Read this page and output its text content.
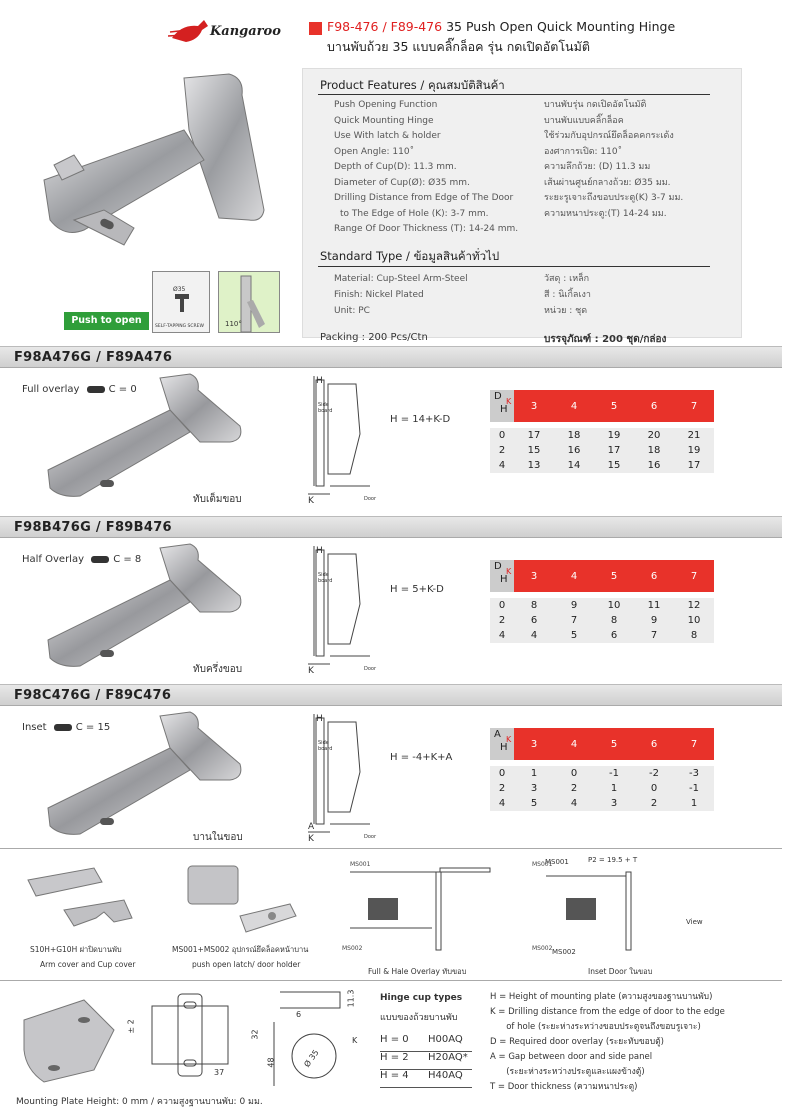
Kangaroo	F98-476 / F89-476 35 Push Open Quick Mounting Hinge
บานพับถ้วย 35 แบบคลิ๊กล็อค รุ่น กดเปิดอัตโนมัติ
Push to open
Ø35
SELF-TAPPING SCREW	110°
Product Features / คุณสมบัติสินค้า
Push Opening Function
Quick Mounting Hinge
Use With latch & holder
Open Angle: 110˚
Depth of Cup(D): 11.3 mm.
Diameter of Cup(Ø): Ø35 mm.
Drilling Distance from Edge of The Door
to The Edge of Hole (K): 3-7 mm.
Range Of Door Thickness (T): 14-24 mm.
บานพับรุ่น กดเปิดอัตโนมัติ
บานพับแบบคลิ๊กล็อค
ใช้ร่วมกับอุปกรณ์ยึดล็อคคกระเด้ง
องศาการเปิด: 110˚
ความลึกถ้วย: (D) 11.3 มม
เส้นผ่านศูนย์กลางถ้วย: Ø35 มม.
ระยะรูเจาะถึงขอบประตู(K) 3-7 มม.
ความหนาประตู:(T) 14-24 มม.
Standard Type / ข้อมูลสินค้าทั่วไป
Material: Cup-Steel Arm-Steel
Finish: Nickel Plated
Unit: PC
วัสดุ : เหล็ก
สี : นิเกิ้ลเงา
หน่วย : ชุด
Packing : 200 Pcs/Ctn	บรรจุภัณฑ์ : 200 ชุด/กล่อง
F98A476G / F89A476
Full overlay	C = 0
ทับเต็มขอบ
H
Side board
Door
K
H = 14+K-D
D
H
K	3	4	5	6	7

0	17	18	19	20	21
2	15	16	17	18	19
4	13	14	15	16	17
F98B476G / F89B476
Half Overlay	C = 8
ทับครึ่งขอบ
H
Side board
Door
K
H = 5+K-D
D
H
K	3	4	5	6	7

0	8	9	10	11	12
2	6	7	8	9	10
4	4	5	6	7	8
F98C476G / F89C476
Inset	C = 15
บานในขอบ
H
Side board
Door
K
A
H = -4+K+A
A
H
K	3	4	5	6	7

0	1	0	-1	-2	-3
2	3	2	1	0	-1
4	5	4	3	2	1
S10H+G10H ฝาปิดบานพับ
Arm cover and Cup cover
MS001+MS002 อุปกรณ์ยึดล็อคหน้าบาน
push open latch/ door holder
MS001
MS002
Full & Hale Overlay ทับขอบ
MS001
MS002
MS001	P2 = 19.5 + T
View
MS002
Inset Door ในขอบ
± 2
32
37
11.3
6
48	Ø 35
K
Mounting Plate Height: 0 mm / ความสูงฐานบานพับ: 0 มม.
Hinge cup types
แบบของถ้วยบานพับ
H = 0 H00AQ
H = 2 H20AQ*
H = 4 H40AQ
H = Height of mounting plate (ความสูงของฐานบานพับ)
K = Drilling distance from the edge of door to the edge
of hole (ระยะห่างระหว่างขอบประตูจนถึงขอบรูเจาะ)
D = Required door overlay (ระยะทับขอบตู้)
A = Gap between door and side panel
(ระยะห่างระหว่างประตูและแผงข้างตู้)
T = Door thickness (ความหนาประตู)
